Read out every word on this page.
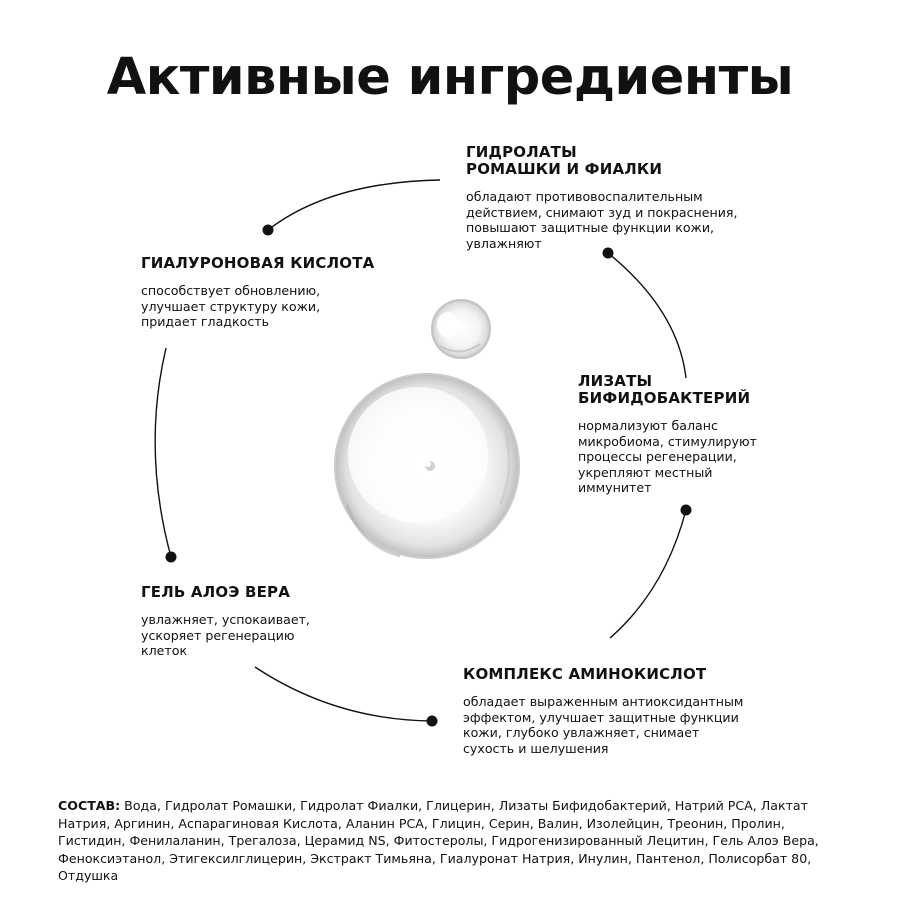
Активные ингредиенты
ГИДРОЛАТЫ
РОМАШКИ И ФИАЛКИ
обладают противовоспалительным
действием, снимают зуд и покраснения,
повышают защитные функции кожи,
увлажняют
ГИАЛУРОНОВАЯ КИСЛОТА
способствует обновлению,
улучшает структуру кожи,
придает гладкость
ЛИЗАТЫ
БИФИДОБАКТЕРИЙ
нормализуют баланс
микробиома, стимулируют
процессы регенерации,
укрепляют местный
иммунитет
ГЕЛЬ АЛОЭ ВЕРА
увлажняет, успокаивает,
ускоряет регенерацию
клеток
КОМПЛЕКС АМИНОКИСЛОТ
обладает выраженным антиоксидантным
эффектом, улучшает защитные функции
кожи, глубоко увлажняет, снимает
сухость и шелушения
СОСТАВ: Вода, Гидролат Ромашки, Гидролат Фиалки, Глицерин, Лизаты Бифидобактерий, Натрий РСА, Лактат
Натрия, Аргинин, Аспарагиновая Кислота, Аланин PCA, Глицин, Серин, Валин, Изолейцин, Треонин, Пролин,
Гистидин, Фенилаланин, Трегалоза, Церамид NS, Фитостеролы, Гидрогенизированный Лецитин, Гель Алоэ Вера,
Феноксиэтанол, Этигексилглицерин, Экстракт Тимьяна, Гиалуронат Натрия, Инулин, Пантенол, Полисорбат 80,
Отдушка
